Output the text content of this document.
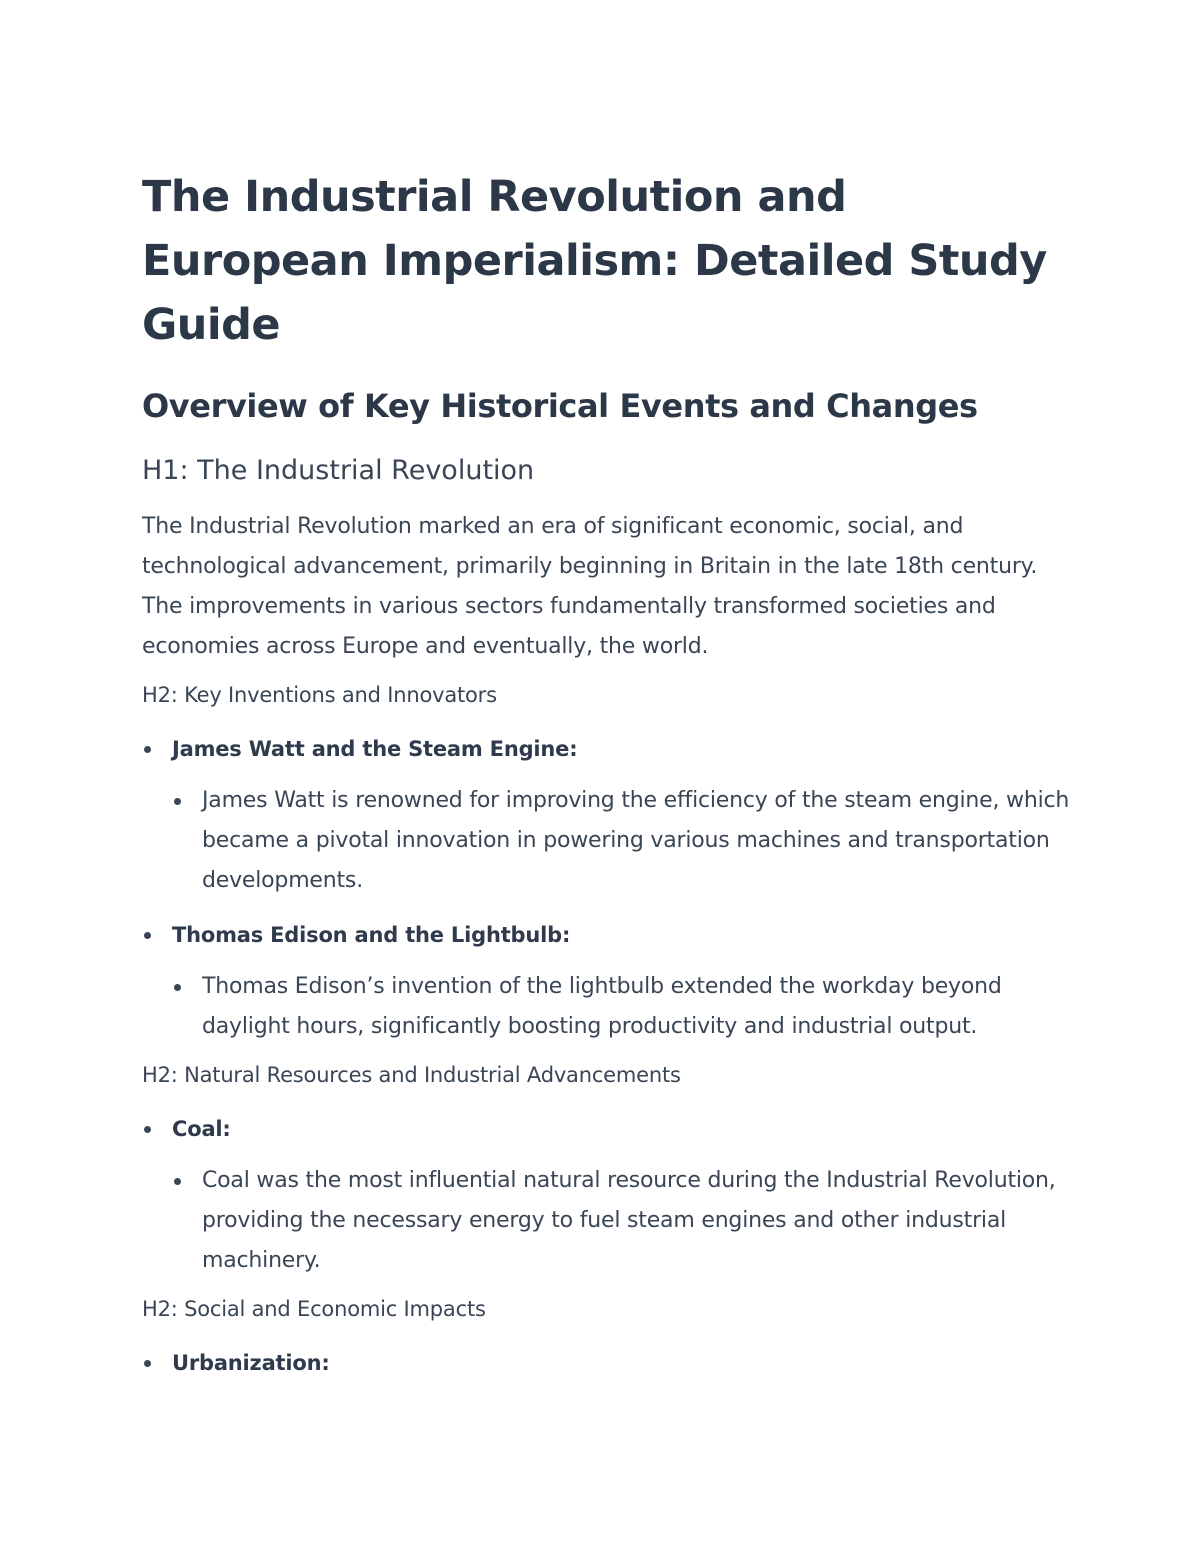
The Industrial Revolution and European Imperialism: Detailed Study Guide
Overview of Key Historical Events and Changes
H1: The Industrial Revolution

The Industrial Revolution marked an era of significant economic, social, and technological advancement, primarily beginning in Britain in the late 18th century. The improvements in various sectors fundamentally transformed societies and economies across Europe and eventually, the world.

H2: Key Inventions and Innovators
James Watt and the Steam Engine:
James Watt is renowned for improving the efficiency of the steam engine, which became a pivotal innovation in powering various machines and transportation developments.
Thomas Edison and the Lightbulb:
Thomas Edison’s invention of the lightbulb extended the workday beyond daylight hours, significantly boosting productivity and industrial output.
H2: Natural Resources and Industrial Advancements
Coal:
Coal was the most influential natural resource during the Industrial Revolution, providing the necessary energy to fuel steam engines and other industrial machinery.
H2: Social and Economic Impacts
Urbanization:
